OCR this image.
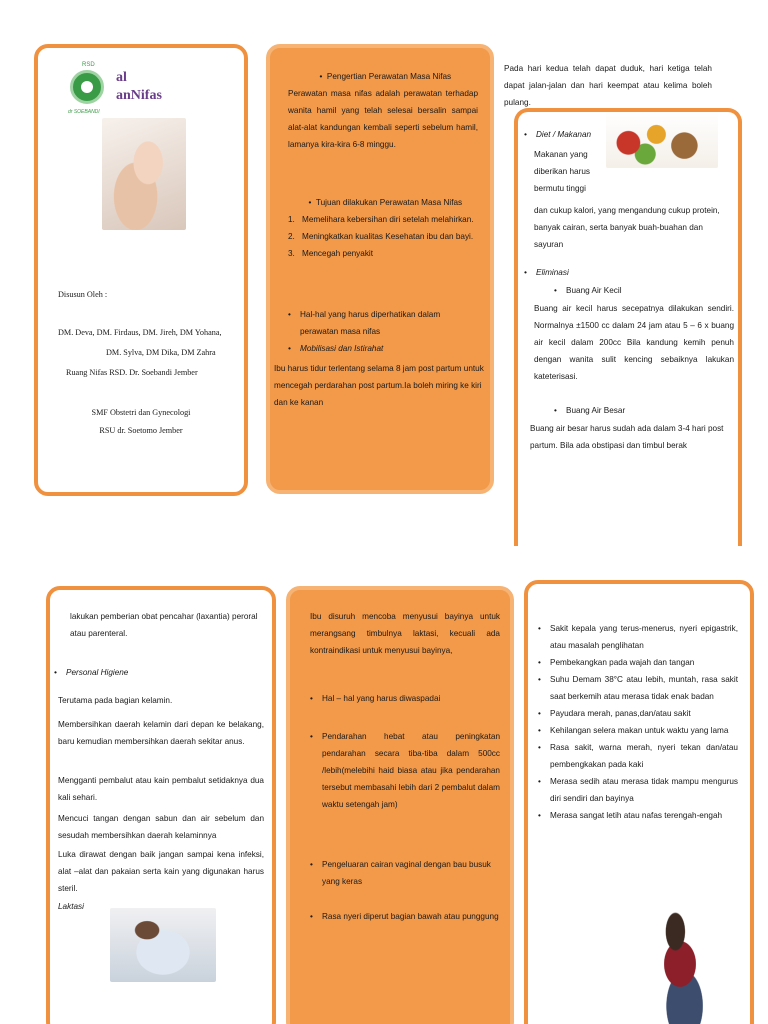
RSD
dr SOEBANDI
al
anNifas
Disusun Oleh :
DM. Deva, DM. Firdaus, DM. Jireh, DM Yohana,
DM. Sylva, DM Dika, DM Zahra
Ruang Nifas RSD. Dr. Soebandi Jember
SMF Obstetri dan Gynecologi
RSU dr. Soetomo Jember
• Pengertian Perawatan Masa Nifas
Perawatan masa nifas adalah perawatan terhadap wanita hamil yang telah selesai bersalin sampai alat-alat kandungan kembali seperti sebelum hamil, lamanya kira-kira 6-8 minggu.
• Tujuan dilakukan Perawatan Masa Nifas
1. Memelihara kebersihan diri setelah melahirkan.
2. Meningkatkan kualitas Kesehatan ibu dan bayi.
3. Mencegah penyakit
•
Hal-hal yang harus diperhatikan dalam perawatan masa nifas
• Mobilisasi dan Istirahat
Ibu harus tidur terlentang selama 8 jam post partum untuk mencegah perdarahan post partum.Ia boleh miring ke kiri dan ke kanan
Pada hari kedua telah dapat duduk, hari ketiga telah dapat jalan-jalan dan hari keempat atau kelima boleh pulang.
• Diet / Makanan
Makanan yang diberikan harus bermutu tinggi
dan cukup kalori, yang mengandung cukup protein, banyak cairan, serta banyak buah-buahan dan sayuran
• Eliminasi
• Buang Air Kecil
Buang air kecil harus secepatnya dilakukan sendiri. Normalnya ±1500 cc dalam 24 jam atau 5 – 6 x buang air kecil dalam 200cc Bila kandung kemih penuh dengan wanita sulit kencing sebaiknya lakukan kateterisasi.
• Buang Air Besar
Buang air besar harus sudah ada dalam 3-4 hari post partum. Bila ada obstipasi dan timbul berak
lakukan pemberian obat pencahar (laxantia) peroral atau parenteral.
• Personal Higiene
Terutama pada bagian kelamin.
Membersihkan daerah kelamin dari depan ke belakang, baru kemudian membersihkan daerah sekitar anus.
Mengganti pembalut atau kain pembalut setidaknya dua kali sehari.
Mencuci tangan dengan sabun dan air sebelum dan sesudah membersihkan daerah kelaminnya
Luka dirawat dengan baik jangan sampai kena infeksi, alat –alat dan pakaian serta kain yang digunakan harus steril.
Laktasi
Ibu disuruh mencoba menyusui bayinya untuk merangsang timbulnya laktasi, kecuali ada kontraindikasi untuk menyusui bayinya,
• Hal – hal yang harus diwaspadai
•
Pendarahan hebat atau peningkatan pendarahan secara tiba-tiba dalam 500cc /lebih(melebihi haid biasa atau jika pendarahan tersebut membasahi lebih dari 2 pembalut dalam waktu setengah jam)
•
Pengeluaran cairan vaginal dengan bau busuk yang keras
•
Rasa nyeri diperut bagian bawah atau punggung
•
Sakit kepala yang terus-menerus, nyeri epigastrik, atau masalah penglihatan
•
Pembekangkan pada wajah dan tangan
•
Suhu Demam 38°C atau lebih, muntah, rasa sakit saat berkemih atau merasa tidak enak badan
•
Payudara merah, panas,dan/atau sakit
•
Kehilangan selera makan untuk waktu yang lama
•
Rasa sakit, warna merah, nyeri tekan dan/atau pembengkakan pada kaki
•
Merasa sedih atau merasa tidak mampu mengurus diri sendiri dan bayinya
•
Merasa sangat letih atau nafas terengah-engah
